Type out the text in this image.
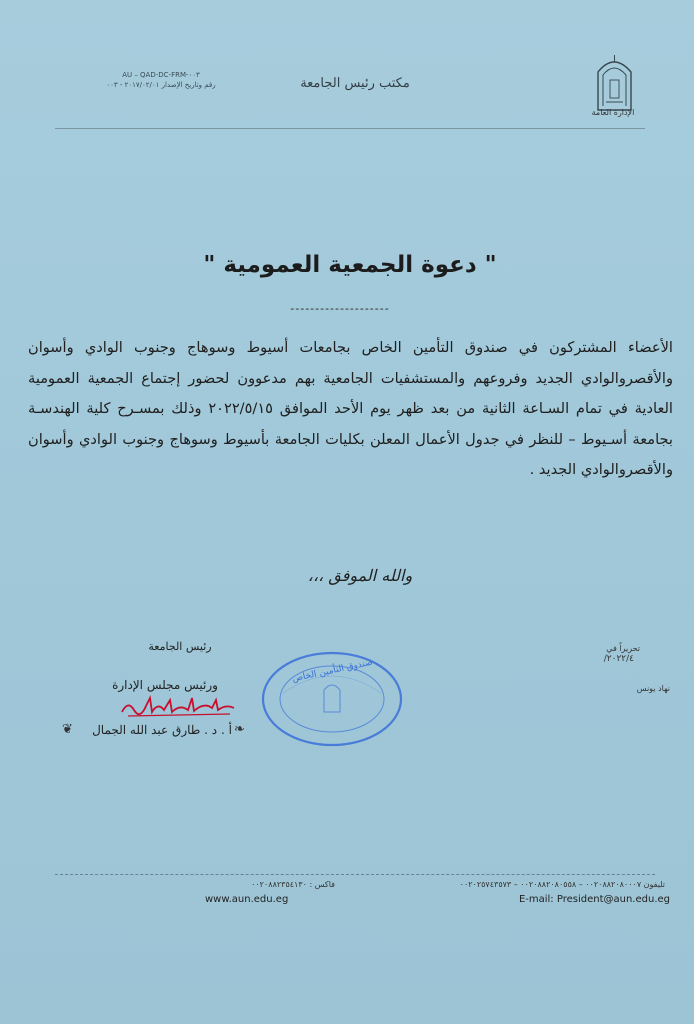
AU – QAD-DC-FRM-٠٠٣
رقم وتاريخ الإصدار ٢٠١٧/٠٢/٠١ - ٠٠٣	مكتب رئيس الجامعة
الإدارة العامة
" دعوة الجمعية العمومية "
--------------------
الأعضاء المشتركون في صندوق التأمين الخاص بجامعات أسيوط وسوهاج وجنوب الوادي وأسوان والأقصروالوادي الجديد وفروعهم والمستشفيات الجامعية بهم مدعوون لحضور إجتماع الجمعية العمومية العادية في تمام السـاعة الثانية من بعد ظهر يوم الأحد الموافق ٢٠٢٢/٥/١٥ وذلك بمسـرح كلية الهندسـة بجامعة أسـيوط – للنظر في جدول الأعمال المعلن بكليات الجامعة بأسيوط وسوهاج وجنوب الوادي وأسوان والأقصروالوادي الجديد .
والله الموفق ،،،
رئيس الجامعة
ورئيس مجلس الإدارة
❦	أ . د . طارق عبد الله الجمال ❧
صندوق التأمين الخاص
تحريراً في
٢٠٢٢/٤/
نهاد يونس
فاكس : ٠٠٢٠٨٨٢٣٥٤١٣٠	تليفون ٠٠٢٠٨٨٢٠٨٠٠٠٧ – ٠٠٢٠٨٨٢٠٨٠٥٥٨ – ٠٠٢٠٢٥٧٤٣٥٧٣
www.aun.edu.eg	E-mail: President@aun.edu.eg
